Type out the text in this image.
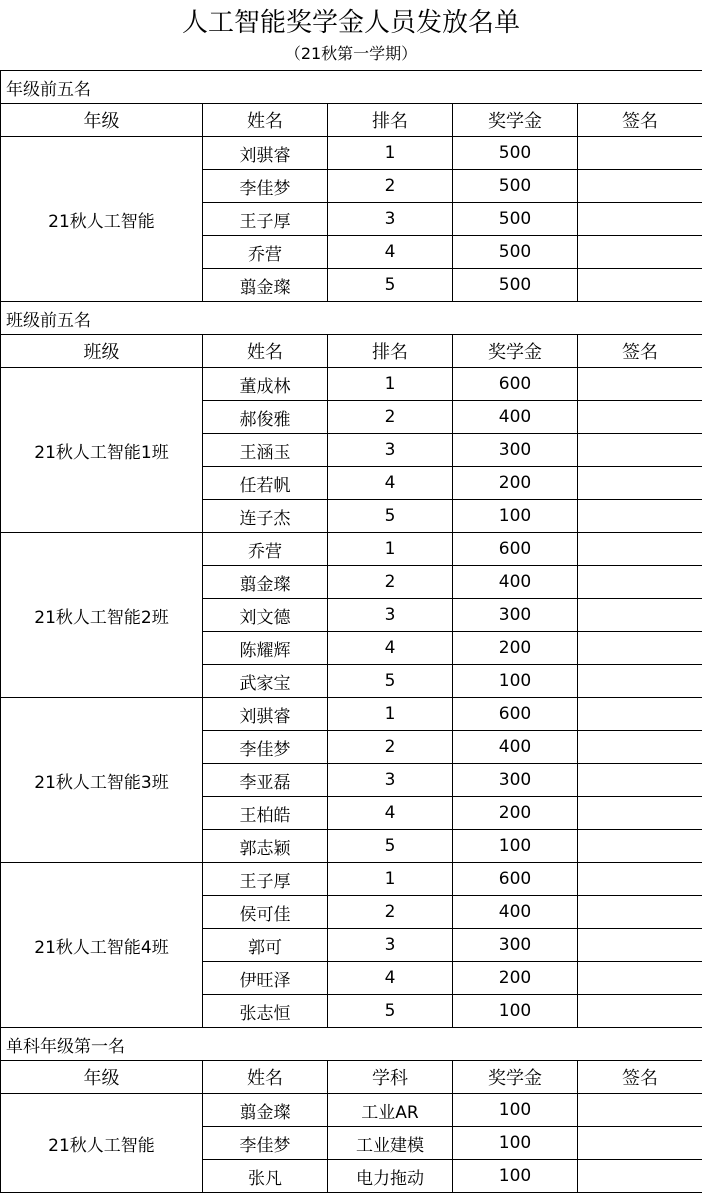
人工智能奖学金人员发放名单
（21秋第一学期）
年级前五名				
年级	姓名	排名	奖学金	签名
21秋人工智能	刘骐睿	1	500	
	李佳梦	2	500	
	王子厚	3	500	
	乔营	4	500	
	翦金璨	5	500	
班级前五名				
班级	姓名	排名	奖学金	签名
21秋人工智能1班	董成林	1	600	
	郝俊雅	2	400	
	王涵玉	3	300	
	任若帆	4	200	
	连子杰	5	100	
21秋人工智能2班	乔营	1	600	
	翦金璨	2	400	
	刘文德	3	300	
	陈耀辉	4	200	
	武家宝	5	100	
21秋人工智能3班	刘骐睿	1	600	
	李佳梦	2	400	
	李亚磊	3	300	
	王柏皓	4	200	
	郭志颖	5	100	
21秋人工智能4班	王子厚	1	600	
	侯可佳	2	400	
	郭可	3	300	
	伊旺泽	4	200	
	张志恒	5	100	
单科年级第一名				
年级	姓名	学科	奖学金	签名
21秋人工智能	翦金璨	工业AR	100	
	李佳梦	工业建模	100	
	张凡	电力拖动	100	
